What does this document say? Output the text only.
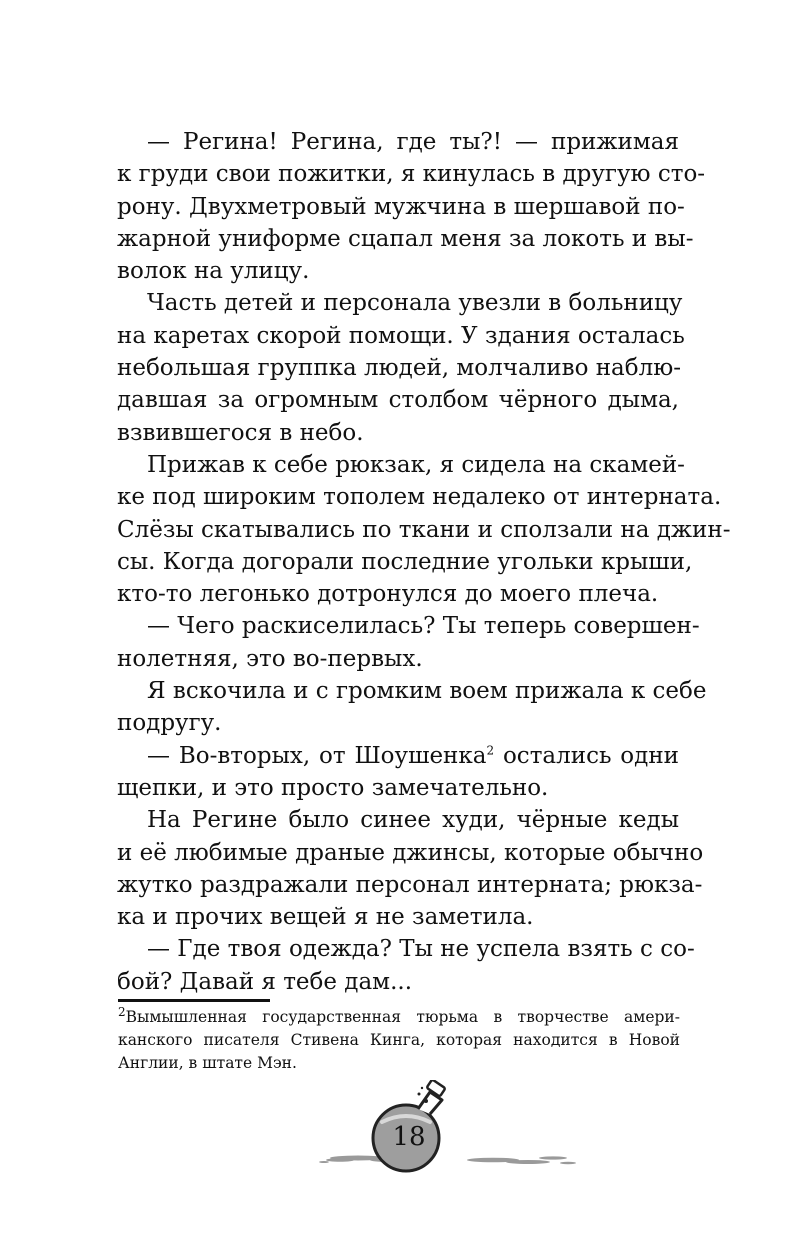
— Регина! Регина, где ты?! — прижимая
к груди свои пожитки, я кинулась в другую сто-
рону. Двухметровый мужчина в шершавой по-
жарной униформе сцапал меня за локоть и вы-
волок на улицу.

Часть детей и персонала увезли в больницу
на каретах скорой помощи. У здания осталась
небольшая группка людей, молчаливо наблю-
давшая за огромным столбом чёрного дыма,
взвившегося в небо.

Прижав к себе рюкзак, я сидела на скамей-
ке под широким тополем недалеко от интерната.
Слёзы скатывались по ткани и сползали на джин-
сы. Когда догорали последние угольки крыши,
кто-то легонько дотронулся до моего плеча.

— Чего раскиселилась? Ты теперь совершен-
нолетняя, это во-первых.

Я вскочила и с громким воем прижала к себе
подругу.

— Во-вторых, от Шоушенка$^2$ остались одни
щепки, и это просто замечательно.

На Регине было синее худи, чёрные кеды
и её любимые драные джинсы, которые обычно
жутко раздражали персонал интерната; рюкза-
ка и прочих вещей я не заметила.

— Где твоя одежда? Ты не успела взять с со-
бой? Давай я тебе дам...

$^2$Вымышленная государственная тюрьма в творчестве амери-
канского писателя Стивена Кинга, которая находится в Новой
Англии, в штате Мэн.
18
